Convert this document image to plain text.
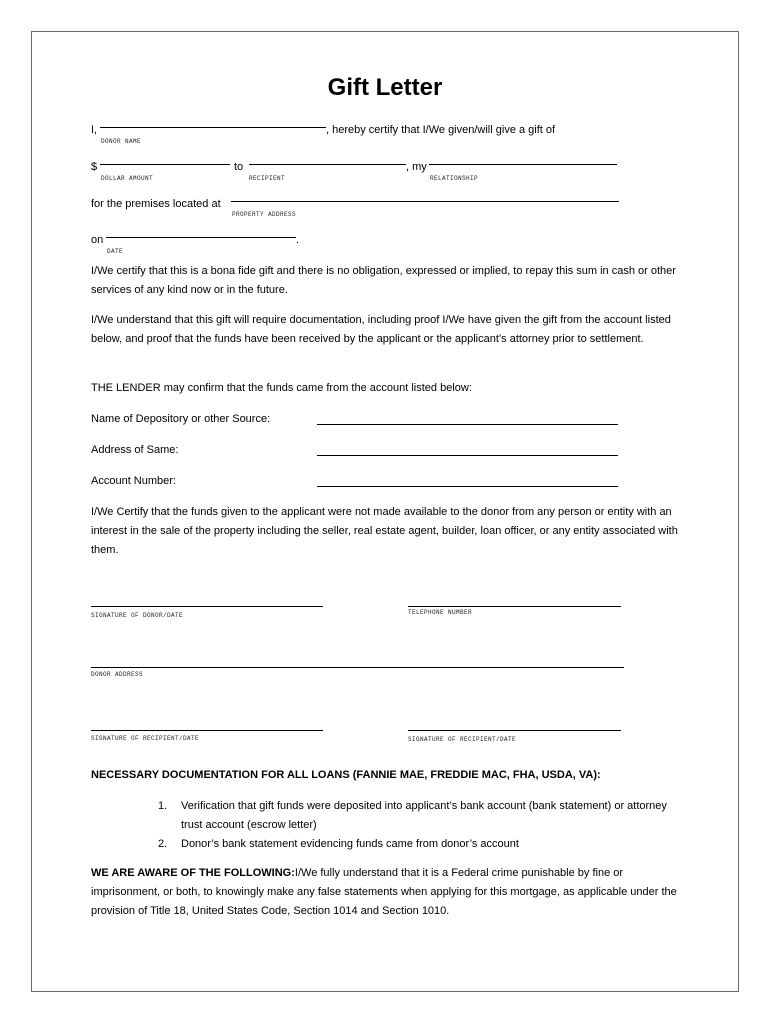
Gift Letter
I,	, hereby certify that I/We given/will give a gift of
DONOR NAME
$	to	, my
DOLLAR AMOUNT	RECIPIENT	RELATIONSHIP
for the premises located at
PROPERTY ADDRESS
on	.
DATE
I/We certify that this is a bona fide gift and there is no obligation, expressed or implied, to repay this sum in cash or other services of any kind now or in the future.
I/We understand that this gift will require documentation, including proof I/We have given the gift from the account listed below, and proof that the funds have been received by the applicant or the applicant’s attorney prior to settlement.
THE LENDER may confirm that the funds came from the account listed below:
Name of Depository or other Source:
Address of Same:
Account Number:
I/We Certify that the funds given to the applicant were not made available to the donor from any person or entity with an interest in the sale of the property including the seller, real estate agent, builder, loan officer, or any entity associated with them.
SIGNATURE OF DONOR/DATE	TELEPHONE NUMBER
DONOR ADDRESS
SIGNATURE OF RECIPIENT/DATE	SIGNATURE OF RECIPIENT/DATE
NECESSARY DOCUMENTATION FOR ALL LOANS (FANNIE MAE, FREDDIE MAC, FHA, USDA, VA):
1.	Verification that gift funds were deposited into applicant’s bank account (bank statement) or attorney trust account (escrow letter)
2.	Donor’s bank statement evidencing funds came from donor’s account
WE ARE AWARE OF THE FOLLOWING:I/We fully understand that it is a Federal crime punishable by fine or imprisonment, or both, to knowingly make any false statements when applying for this mortgage, as applicable under the provision of Title 18, United States Code, Section 1014 and Section 1010.
